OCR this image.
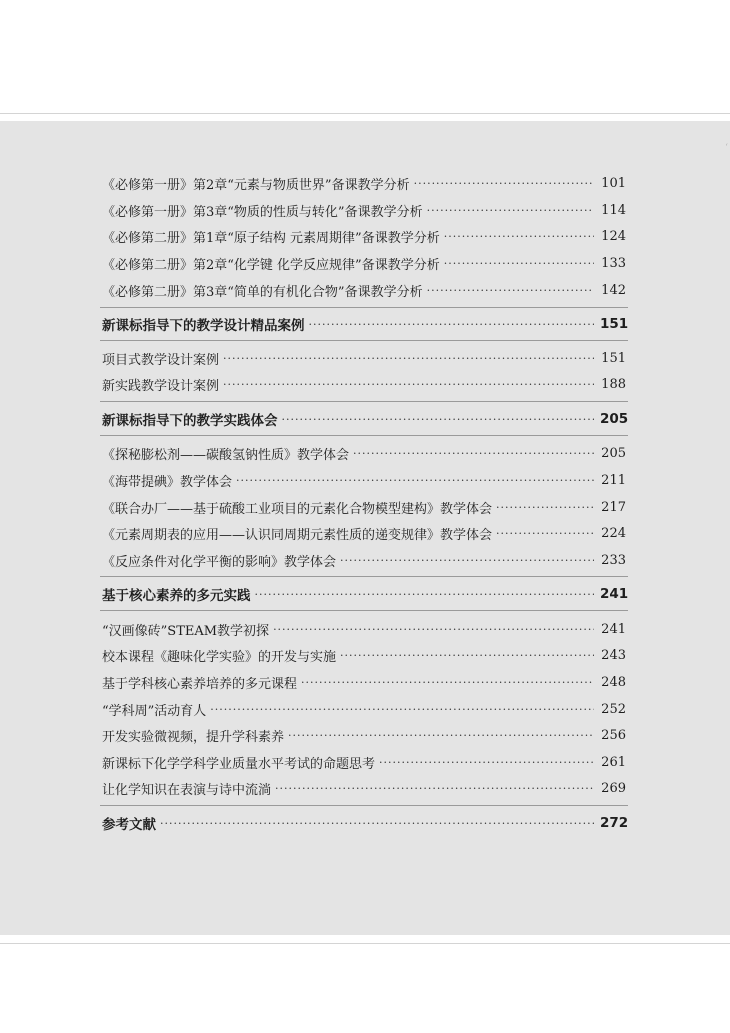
‘
《必修第一册》第2章“元素与物质世界”备课教学分析 ·····	101
《必修第一册》第3章“物质的性质与转化”备课教学分析 ·····	114
《必修第二册》第1章“原子结构 元素周期律”备课教学分析 ·····	124
《必修第二册》第2章“化学键 化学反应规律”备课教学分析 ·····	133
《必修第二册》第3章“简单的有机化合物”备课教学分析 ·····	142
新课标指导下的教学设计精品案例 ·····	151
项目式教学设计案例 ·····	151
新实践教学设计案例 ·····	188
新课标指导下的教学实践体会 ·····	205
《探秘膨松剂——碳酸氢钠性质》教学体会 ·····	205
《海带提碘》教学体会 ·····	211
《联合办厂——基于硫酸工业项目的元素化合物模型建构》教学体会 ·····	217
《元素周期表的应用——认识同周期元素性质的递变规律》教学体会 ·····	224
《反应条件对化学平衡的影响》教学体会 ·····	233
基于核心素养的多元实践 ·····	241
“汉画像砖”STEAM教学初探 ·····	241
校本课程《趣味化学实验》的开发与实施 ·····	243
基于学科核心素养培养的多元课程 ·····	248
“学科周”活动育人 ·····	252
开发实验微视频，提升学科素养 ·····	256
新课标下化学学科学业质量水平考试的命题思考 ·····	261
让化学知识在表演与诗中流淌 ·····	269
参考文献 ·····	272
